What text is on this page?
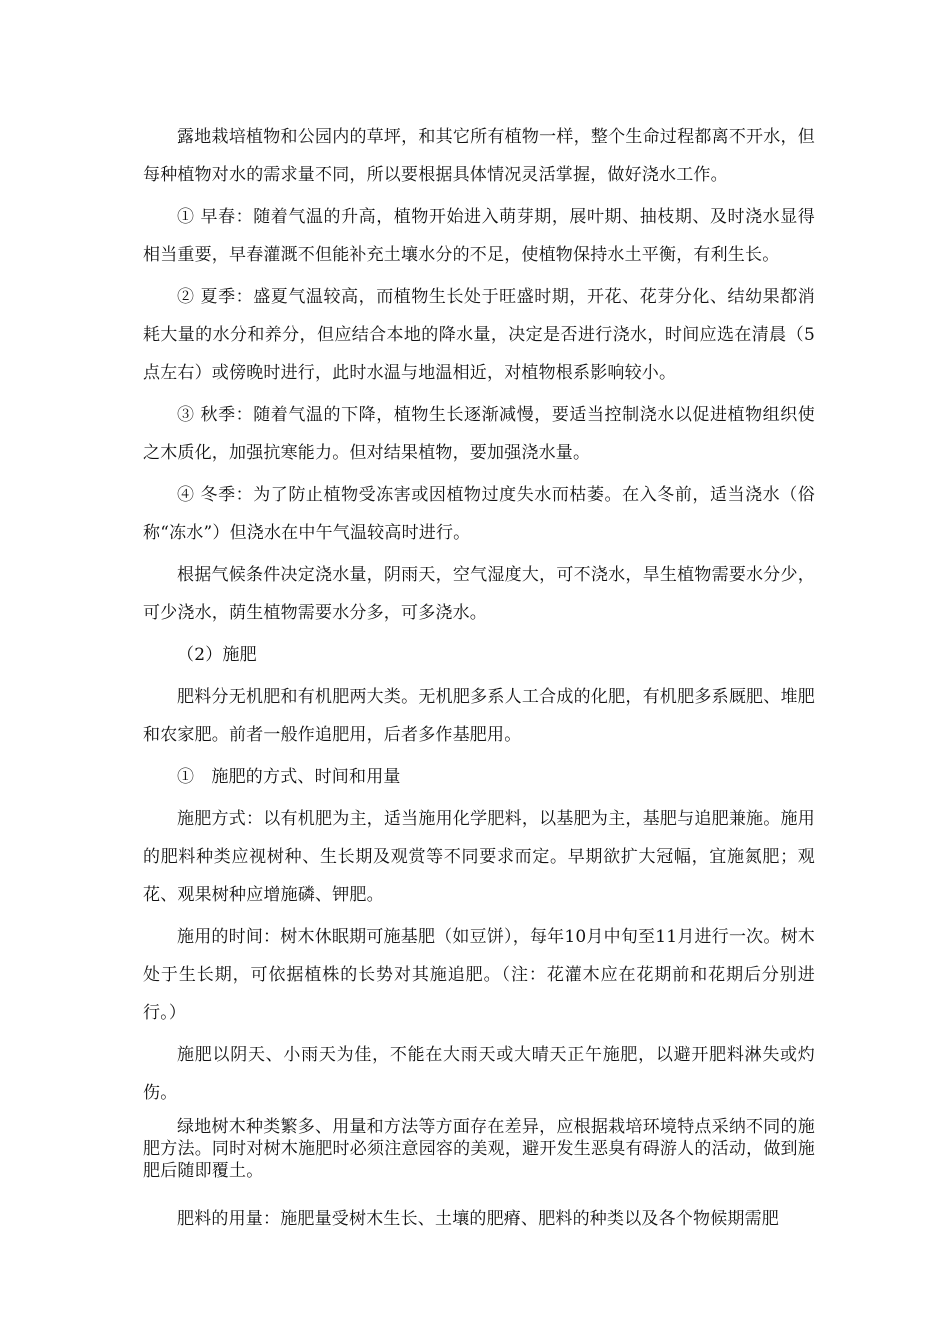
露地栽培植物和公园内的草坪，和其它所有植物一样，整个生命过程都离不开水，但每种植物对水的需求量不同，所以要根据具体情况灵活掌握，做好浇水工作。

① 早春：随着气温的升高，植物开始进入萌芽期，展叶期、抽枝期、及时浇水显得相当重要，早春灌溉不但能补充土壤水分的不足，使植物保持水土平衡，有利生长。

② 夏季：盛夏气温较高，而植物生长处于旺盛时期，开花、花芽分化、结幼果都消耗大量的水分和养分，但应结合本地的降水量，决定是否进行浇水，时间应选在清晨（5点左右）或傍晚时进行，此时水温与地温相近，对植物根系影响较小。

③ 秋季：随着气温的下降，植物生长逐渐减慢，要适当控制浇水以促进植物组织使之木质化，加强抗寒能力。但对结果植物，要加强浇水量。

④ 冬季：为了防止植物受冻害或因植物过度失水而枯萎。在入冬前，适当浇水（俗称“冻水”）但浇水在中午气温较高时进行。

根据气候条件决定浇水量，阴雨天，空气湿度大，可不浇水，旱生植物需要水分少，可少浇水，荫生植物需要水分多，可多浇水。

（2）施肥

肥料分无机肥和有机肥两大类。无机肥多系人工合成的化肥，有机肥多系厩肥、堆肥和农家肥。前者一般作追肥用，后者多作基肥用。

①　施肥的方式、时间和用量

施肥方式：以有机肥为主，适当施用化学肥料，以基肥为主，基肥与追肥兼施。施用的肥料种类应视树种、生长期及观赏等不同要求而定。早期欲扩大冠幅，宜施氮肥；观花、观果树种应增施磷、钾肥。

施用的时间：树木休眠期可施基肥（如豆饼），每年10月中旬至11月进行一次。树木处于生长期，可依据植株的长势对其施追肥。（注：花灌木应在花期前和花期后分别进行。）

施肥以阴天、小雨天为佳，不能在大雨天或大晴天正午施肥，以避开肥料淋失或灼伤。

绿地树木种类繁多、用量和方法等方面存在差异，应根据栽培环境特点采纳不同的施肥方法。同时对树木施肥时必须注意园容的美观，避开发生恶臭有碍游人的活动，做到施肥后随即覆土。

肥料的用量：施肥量受树木生长、土壤的肥瘠、肥料的种类以及各个物候期需肥
